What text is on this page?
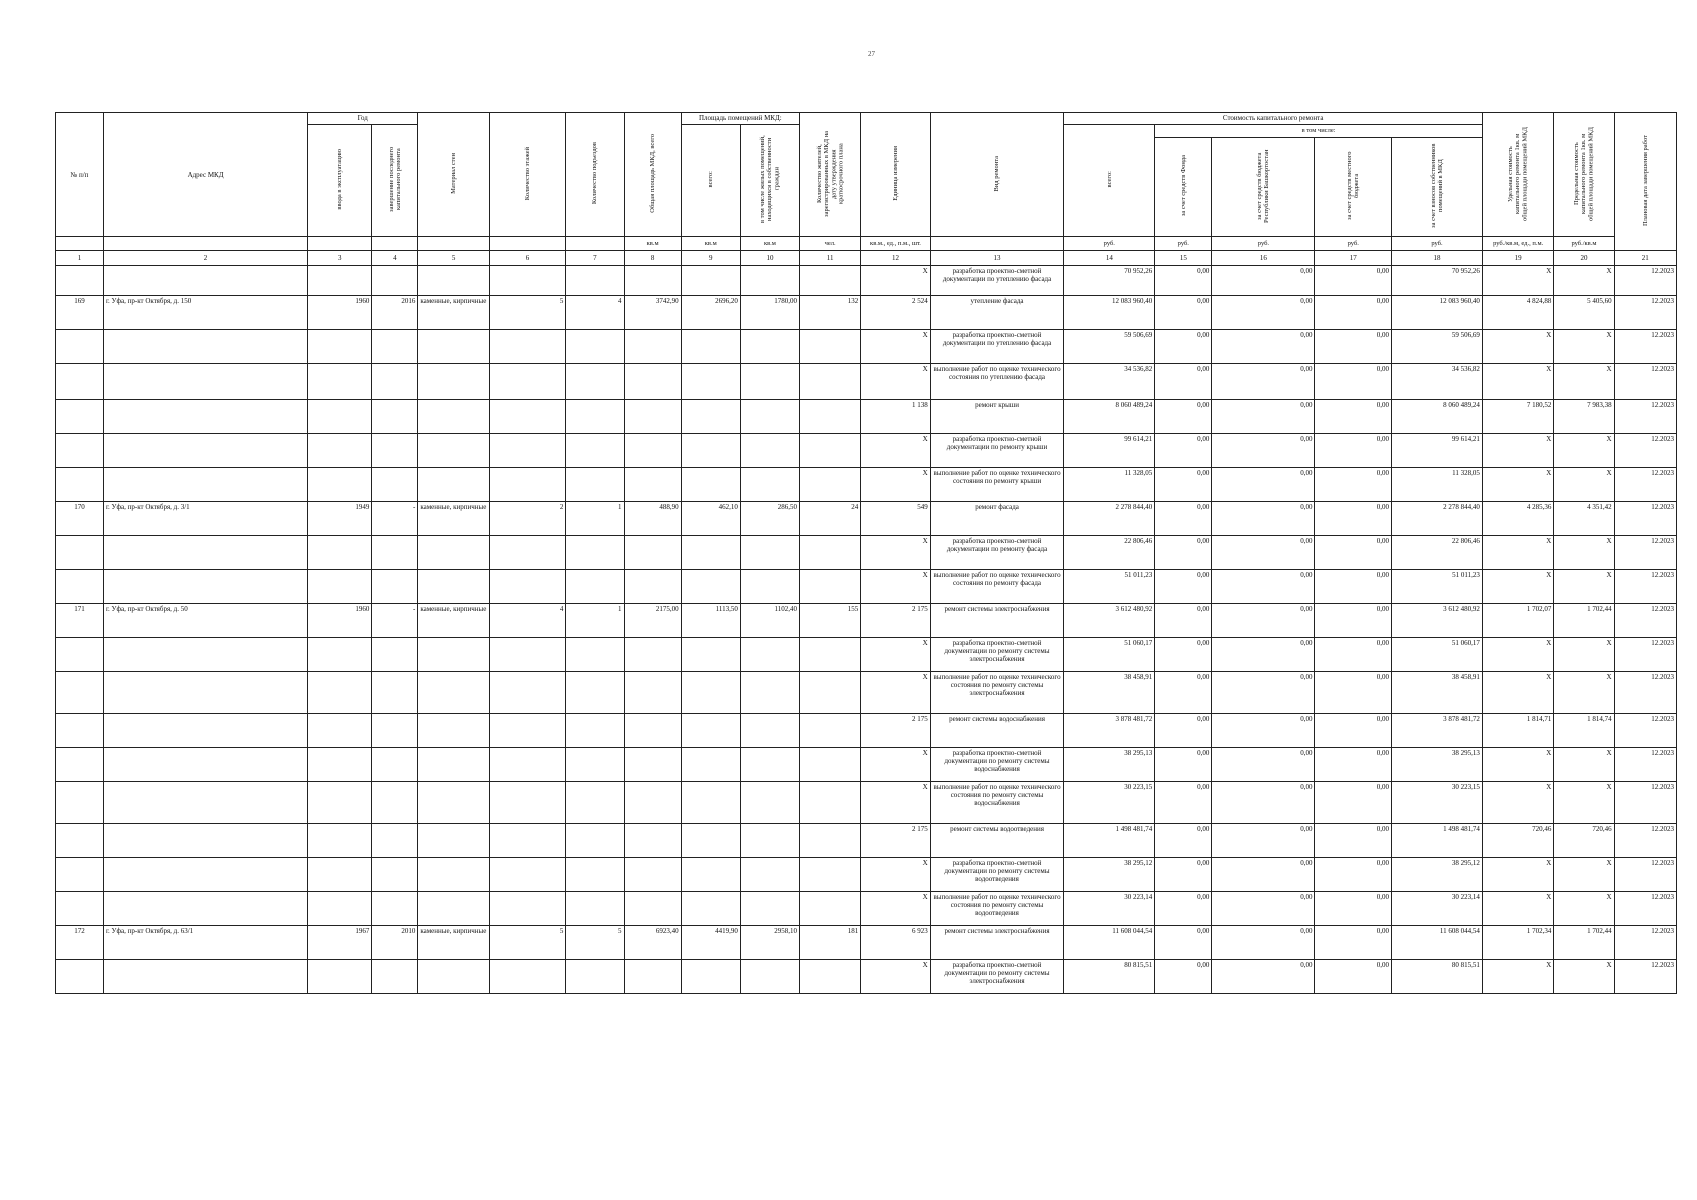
27
№ п/п	Адрес МКД	Год		Материал стен	Количество этажей	Количество подъездов	Общая площадь МКД, всего	Площадь помещений МКД:		Количество жителей, зарегистрированных в МКД на дату утверждения краткосрочного плана	Единица измерения	Вид ремонта	Стоимость капитального ремонта					Удельная стоимость капитального ремонта 1кв. м общей площади помещений МКД	Предельная стоимость капитального ремонта 1кв. м общей площади помещений МКД	Плановая дата завершения работ
		ввода в эксплуатацию	завершение последнего капитального ремонта					всего:	в том числе жилых помещений, находящихся в собственности граждан				всего:	в том числе:						
														за счет средств Фонда	за счет средств бюджета Республики Башкортостан	за счет средств местного бюджета	за счет взносов собственников помещений в МКД			
							кв.м	кв.м	кв.м	чел.	кв.м., ед., п.м., шт.		руб.	руб.	руб.	руб.	руб.	руб./кв.м, ед., п.м.	руб./кв.м	
1	2	3	4	5	6	7	8	9	10	11	12	13	14	15	16	17	18	19	20	21
											X	разработка проектно-сметной документации по утеплению фасада	70 952,26	0,00	0,00	0,00	70 952,26	X	X	12.2023
169	г. Уфа, пр-кт Октября, д. 150	1960	2016	каменные, кирпичные	5	4	3742,90	2696,20	1780,00	132	2 524	утепление фасада	12 083 960,40	0,00	0,00	0,00	12 083 960,40	4 824,88	5 405,60	12.2023
											X	разработка проектно-сметной документации по утеплению фасада	59 506,69	0,00	0,00	0,00	59 506,69	X	X	12.2023
											X	выполнение работ по оценке технического состояния по утеплению фасада	34 536,82	0,00	0,00	0,00	34 536,82	X	X	12.2023
											1 138	ремонт крыши	8 060 489,24	0,00	0,00	0,00	8 060 489,24	7 180,52	7 983,38	12.2023
											X	разработка проектно-сметной документации по ремонту крыши	99 614,21	0,00	0,00	0,00	99 614,21	X	X	12.2023
											X	выполнение работ по оценке технического состояния по ремонту крыши	11 328,05	0,00	0,00	0,00	11 328,05	X	X	12.2023
170	г. Уфа, пр-кт Октября, д. 3/1	1949	-	каменные, кирпичные	2	1	488,90	462,10	286,50	24	549	ремонт фасада	2 278 844,40	0,00	0,00	0,00	2 278 844,40	4 285,36	4 351,42	12.2023
											X	разработка проектно-сметной документации по ремонту фасада	22 806,46	0,00	0,00	0,00	22 806,46	X	X	12.2023
											X	выполнение работ по оценке технического состояния по ремонту фасада	51 011,23	0,00	0,00	0,00	51 011,23	X	X	12.2023
171	г. Уфа, пр-кт Октября, д. 50	1960	-	каменные, кирпичные	4	1	2175,00	1113,50	1102,40	155	2 175	ремонт системы электроснабжения	3 612 480,92	0,00	0,00	0,00	3 612 480,92	1 702,07	1 702,44	12.2023
											X	разработка проектно-сметной документации по ремонту системы электроснабжения	51 060,17	0,00	0,00	0,00	51 060,17	X	X	12.2023
											X	выполнение работ по оценке технического состояния по ремонту системы электроснабжения	38 458,91	0,00	0,00	0,00	38 458,91	X	X	12.2023
											2 175	ремонт системы водоснабжения	3 878 481,72	0,00	0,00	0,00	3 878 481,72	1 814,71	1 814,74	12.2023
											X	разработка проектно-сметной документации по ремонту системы водоснабжения	38 295,13	0,00	0,00	0,00	38 295,13	X	X	12.2023
											X	выполнение работ по оценке технического состояния по ремонту системы водоснабжения	30 223,15	0,00	0,00	0,00	30 223,15	X	X	12.2023
											2 175	ремонт системы водоотведения	1 498 481,74	0,00	0,00	0,00	1 498 481,74	720,46	720,46	12.2023
											X	разработка проектно-сметной документации по ремонту системы водоотведения	38 295,12	0,00	0,00	0,00	38 295,12	X	X	12.2023
											X	выполнение работ по оценке технического состояния по ремонту системы водоотведения	30 223,14	0,00	0,00	0,00	30 223,14	X	X	12.2023
172	г. Уфа, пр-кт Октября, д. 63/1	1967	2010	каменные, кирпичные	5	5	6923,40	4419,90	2958,10	181	6 923	ремонт системы электроснабжения	11 608 044,54	0,00	0,00	0,00	11 608 044,54	1 702,34	1 702,44	12.2023
											X	разработка проектно-сметной документации по ремонту системы электроснабжения	80 815,51	0,00	0,00	0,00	80 815,51	X	X	12.2023
